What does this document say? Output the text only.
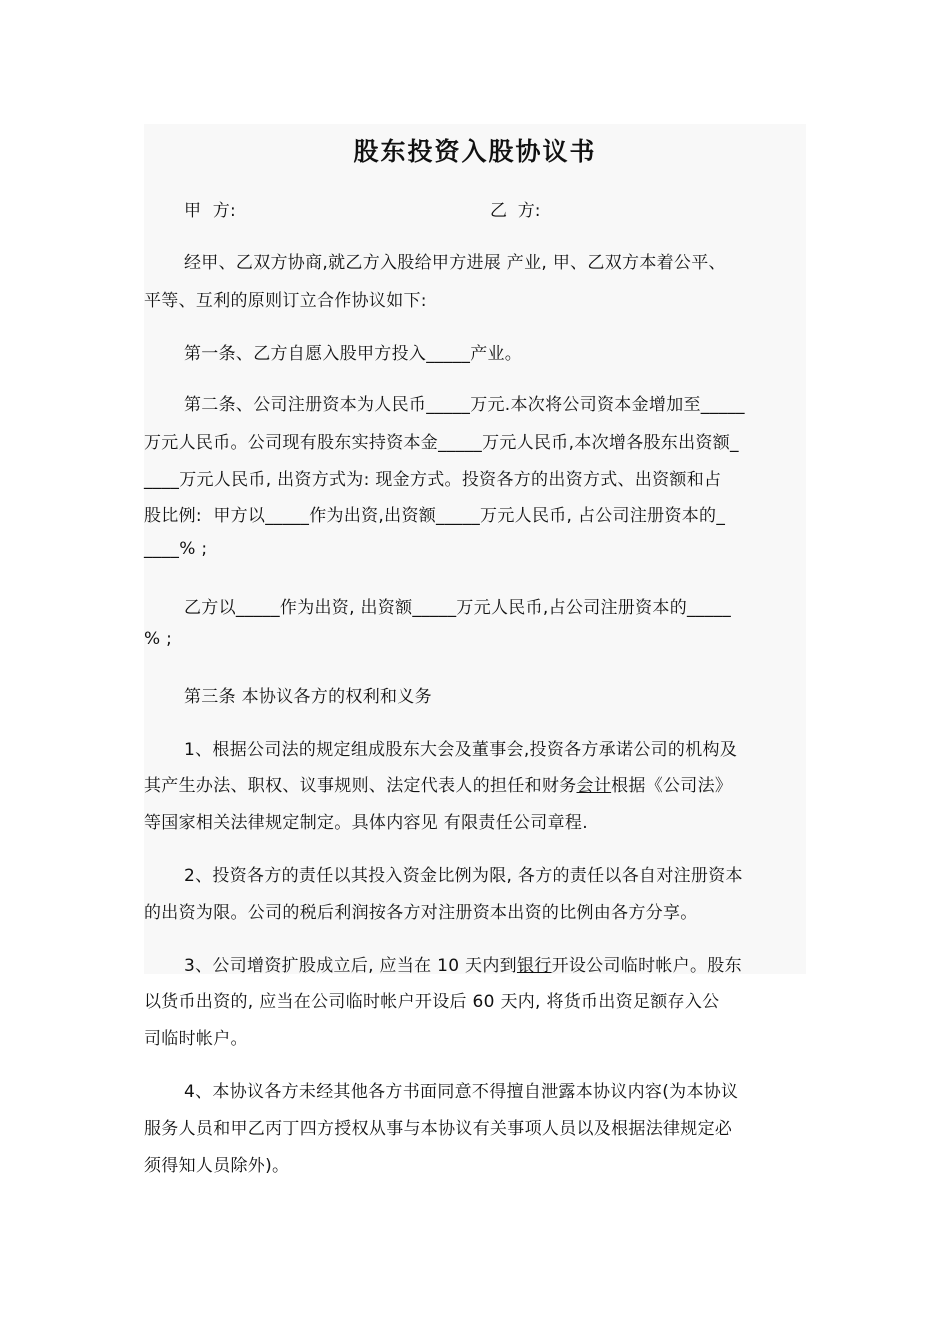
股东投资入股协议书
甲  方:	乙  方:
经甲、乙双方协商,就乙方入股给甲方进展 产业, 甲、乙双方本着公平、
平等、互利的原则订立合作协议如下:
第一条、乙方自愿入股甲方投入_____产业。
第二条、公司注册资本为人民币_____万元.本次将公司资本金增加至_____
万元人民币。公司现有股东实持资本金_____万元人民币,本次增各股东出资额_
____万元人民币, 出资方式为: 现金方式。投资各方的出资方式、出资额和占
股比例:  甲方以_____作为出资,出资额_____万元人民币, 占公司注册资本的_
____% ;
乙方以_____作为出资, 出资额_____万元人民币,占公司注册资本的_____
% ;
第三条 本协议各方的权利和义务
1、根据公司法的规定组成股东大会及董事会,投资各方承诺公司的机构及
其产生办法、职权、议事规则、法定代表人的担任和财务会计根据《公司法》
等国家相关法律规定制定。具体内容见 有限责任公司章程.
2、投资各方的责任以其投入资金比例为限, 各方的责任以各自对注册资本
的出资为限。公司的税后利润按各方对注册资本出资的比例由各方分享。
3、公司增资扩股成立后, 应当在 10 天内到银行开设公司临时帐户。股东
以货币出资的, 应当在公司临时帐户开设后 60 天内, 将货币出资足额存入公
司临时帐户。
4、本协议各方未经其他各方书面同意不得擅自泄露本协议内容(为本协议
服务人员和甲乙丙丁四方授权从事与本协议有关事项人员以及根据法律规定必
须得知人员除外)。
